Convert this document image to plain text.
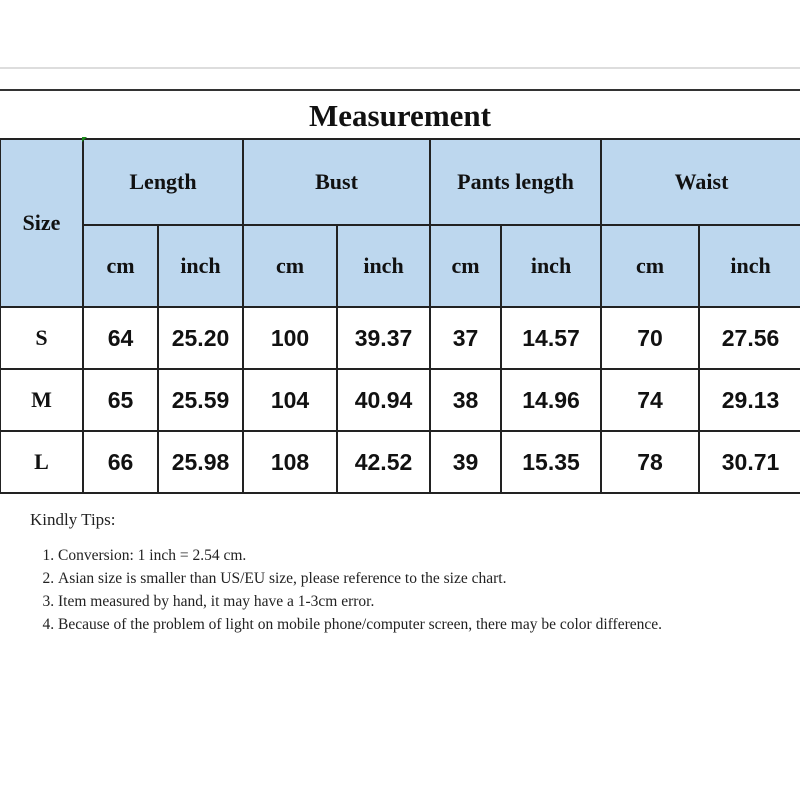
Measurement
Size	Length		Bust		Pants length		Waist	
	cm	inch	cm	inch	cm	inch	cm	inch
S	64	25.20	100	39.37	37	14.57	70	27.56
M	65	25.59	104	40.94	38	14.96	74	29.13
L	66	25.98	108	42.52	39	15.35	78	30.71
Kindly Tips:
1. Conversion: 1 inch = 2.54 cm.
2. Asian size is smaller than US/EU size, please reference to the size chart.
3. Item measured by hand, it may have a 1-3cm error.
4. Because of the problem of light on mobile phone/computer screen, there may be color difference.
